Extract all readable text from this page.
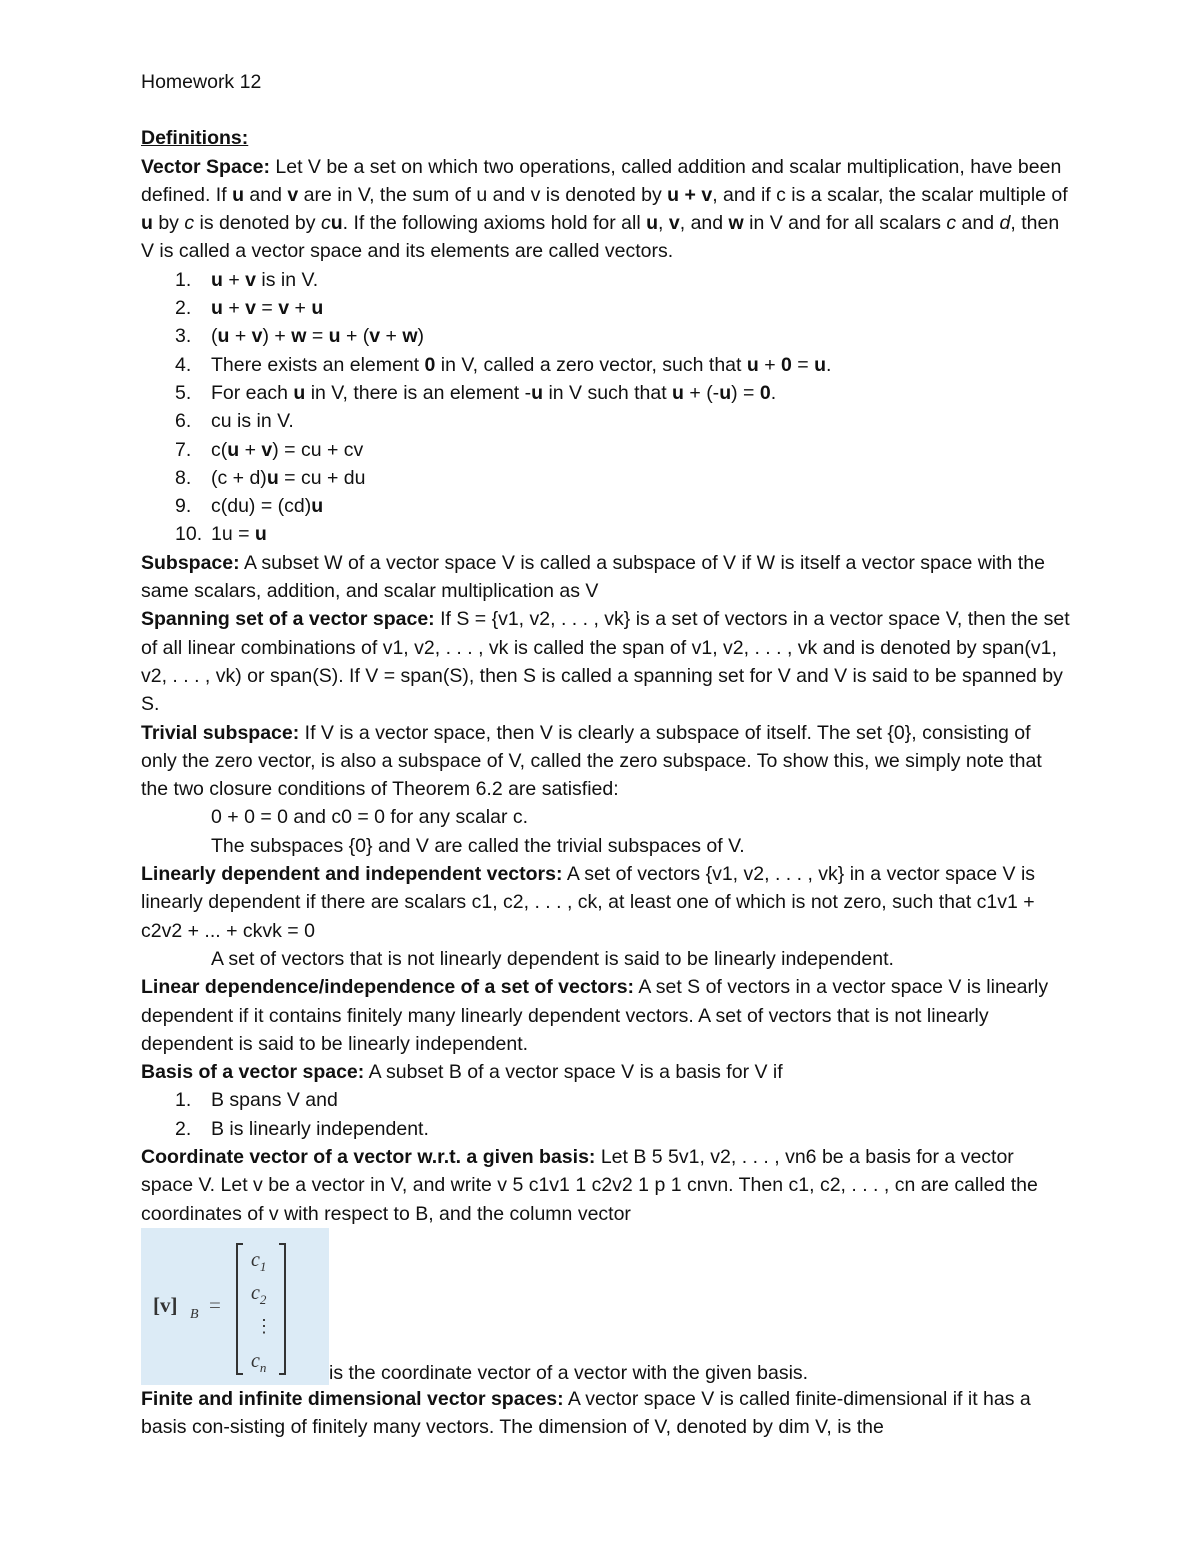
Homework 12

Definitions:

Vector Space: Let V be a set on which two operations, called addition and scalar multiplication, have been defined. If u and v are in V, the sum of u and v is denoted by u + v, and if c is a scalar, the scalar multiple of u by c is denoted by cu. If the following axioms hold for all u, v, and w in V and for all scalars c and d, then V is called a vector space and its elements are called vectors.

1. u + v is in V.
2. u + v = v + u
3. (u + v) + w = u + (v + w)
4. There exists an element 0 in V, called a zero vector, such that u + 0 = u.
5. For each u in V, there is an element -u in V such that u + (-u) = 0.
6. cu is in V.
7. c(u + v) = cu + cv
8. (c + d)u = cu + du
9. c(du) = (cd)u
10. 1u = u

Subspace: A subset W of a vector space V is called a subspace of V if W is itself a vector space with the same scalars, addition, and scalar multiplication as V

Spanning set of a vector space: If S = {v1, v2, . . . , vk} is a set of vectors in a vector space V, then the set of all linear combinations of v1, v2, . . . , vk is called the span of v1, v2, . . . , vk and is denoted by span(v1, v2, . . . , vk) or span(S). If V = span(S), then S is called a spanning set for V and V is said to be spanned by S.

Trivial subspace: If V is a vector space, then V is clearly a subspace of itself. The set {0}, consisting of only the zero vector, is also a subspace of V, called the zero subspace. To show this, we simply note that the two closure conditions of Theorem 6.2 are satisfied:

0 + 0 = 0 and c0 = 0 for any scalar c.

The subspaces {0} and V are called the trivial subspaces of V.

Linearly dependent and independent vectors: A set of vectors {v1, v2, . . . , vk} in a vector space V is linearly dependent if there are scalars c1, c2, . . . , ck, at least one of which is not zero, such that c1v1 + c2v2 + ... + ckvk = 0

A set of vectors that is not linearly dependent is said to be linearly independent.

Linear dependence/independence of a set of vectors: A set S of vectors in a vector space V is linearly dependent if it contains finitely many linearly dependent vectors. A set of vectors that is not linearly dependent is said to be linearly independent.

Basis of a vector space: A subset B of a vector space V is a basis for V if

1. B spans V and
2. B is linearly independent.

Coordinate vector of a vector w.r.t. a given basis: Let B 5 5v1, v2, . . . , vn6 be a basis for a vector space V. Let v be a vector in V, and write v 5 c1v1 1 c2v2 1 p 1 cnvn. Then c1, c2, . . . , cn are called the coordinates of v with respect to B, and the column vector

[v] B =
$c_1$
$c_2$
⋮
$c_n$	is the coordinate vector of a vector with the given basis.

Finite and infinite dimensional vector spaces: A vector space V is called finite-dimensional if it has a basis con-sisting of finitely many vectors. The dimension of V, denoted by dim V, is the
